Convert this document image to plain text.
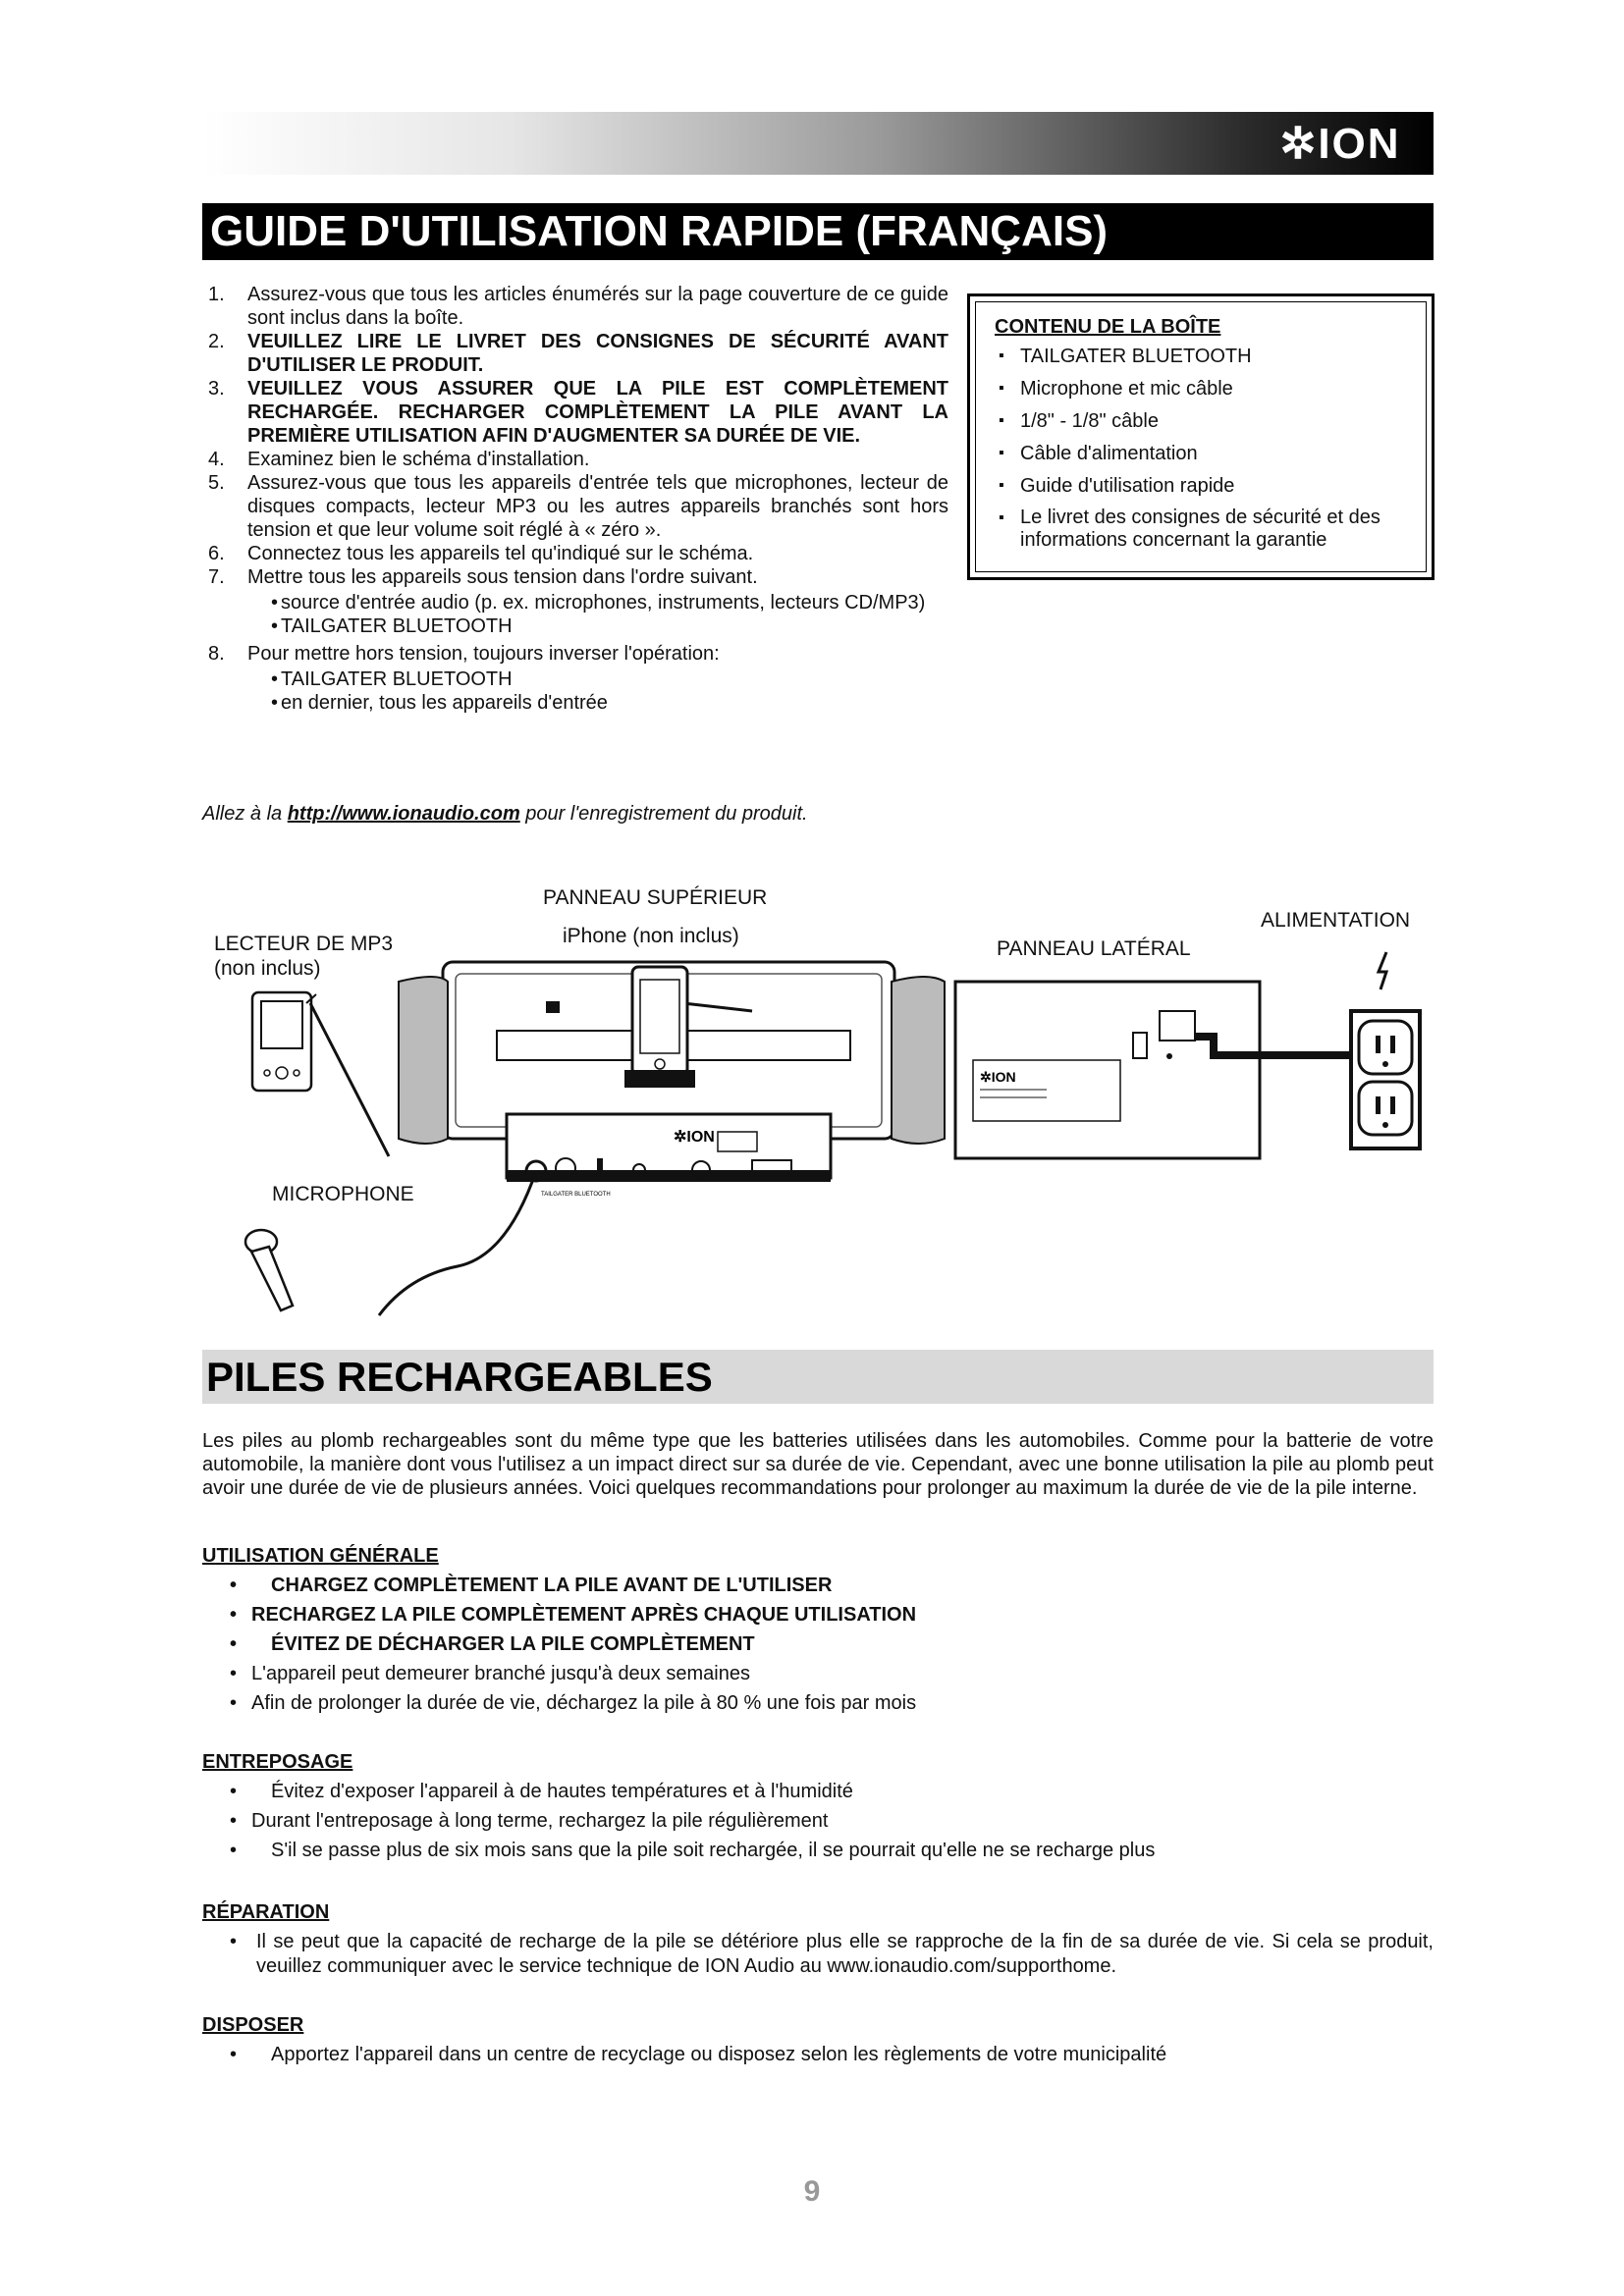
✲ION
GUIDE D'UTILISATION RAPIDE (FRANÇAIS)
1. Assurez-vous que tous les articles énumérés sur la page couverture de ce guide sont inclus dans la boîte.
2. VEUILLEZ LIRE LE LIVRET DES CONSIGNES DE SÉCURITÉ AVANT D'UTILISER LE PRODUIT.
3. VEUILLEZ VOUS ASSURER QUE LA PILE EST COMPLÈTEMENT RECHARGÉE. RECHARGER COMPLÈTEMENT LA PILE AVANT LA PREMIÈRE UTILISATION AFIN D'AUGMENTER SA DURÉE DE VIE.
4. Examinez bien le schéma d'installation.
5. Assurez-vous que tous les appareils d'entrée tels que microphones, lecteur de disques compacts, lecteur MP3 ou les autres appareils branchés sont hors tension et que leur volume soit réglé à « zéro ».
6. Connectez tous les appareils tel qu'indiqué sur le schéma.
7. Mettre tous les appareils sous tension dans l'ordre suivant.
• source d'entrée audio (p. ex. microphones, instruments, lecteurs CD/MP3)
• TAILGATER BLUETOOTH
8. Pour mettre hors tension, toujours inverser l'opération:
• TAILGATER BLUETOOTH
• en dernier, tous les appareils d'entrée
CONTENU DE LA BOÎTE
▪ TAILGATER BLUETOOTH
▪ Microphone et mic câble
▪ 1/8" - 1/8" câble
▪ Câble d'alimentation
▪ Guide d'utilisation rapide
▪ Le livret des consignes de sécurité et des informations concernant la garantie
Allez à la http://www.ionaudio.com pour l'enregistrement du produit.
PANNEAU SUPÉRIEUR
iPhone (non inclus)
LECTEUR DE MP3
(non inclus)
PANNEAU LATÉRAL
ALIMENTATION
MICROPHONE
✲ION
TAILGATER BLUETOOTH
✲ION
PILES RECHARGEABLES
Les piles au plomb rechargeables sont du même type que les batteries utilisées dans les automobiles. Comme pour la batterie de votre automobile, la manière dont vous l'utilisez a un impact direct sur sa durée de vie. Cependant, avec une bonne utilisation la pile au plomb peut avoir une durée de vie de plusieurs années. Voici quelques recommandations pour prolonger au maximum la durée de vie de la pile interne.
UTILISATION GÉNÉRALE
• CHARGEZ COMPLÈTEMENT LA PILE AVANT DE L'UTILISER
• RECHARGEZ LA PILE COMPLÈTEMENT APRÈS CHAQUE UTILISATION
• ÉVITEZ DE DÉCHARGER LA PILE COMPLÈTEMENT
• L'appareil peut demeurer branché jusqu'à deux semaines
• Afin de prolonger la durée de vie, déchargez la pile à 80 % une fois par mois
ENTREPOSAGE
• Évitez d'exposer l'appareil à de hautes températures et à l'humidité
• Durant l'entreposage à long terme, rechargez la pile régulièrement
• S'il se passe plus de six mois sans que la pile soit rechargée, il se pourrait qu'elle ne se recharge plus
RÉPARATION
• Il se peut que la capacité de recharge de la pile se détériore plus elle se rapproche de la fin de sa durée de vie. Si cela se produit, veuillez communiquer avec le service technique de ION Audio au www.ionaudio.com/supporthome.
DISPOSER
• Apportez l'appareil dans un centre de recyclage ou disposez selon les règlements de votre municipalité
9
